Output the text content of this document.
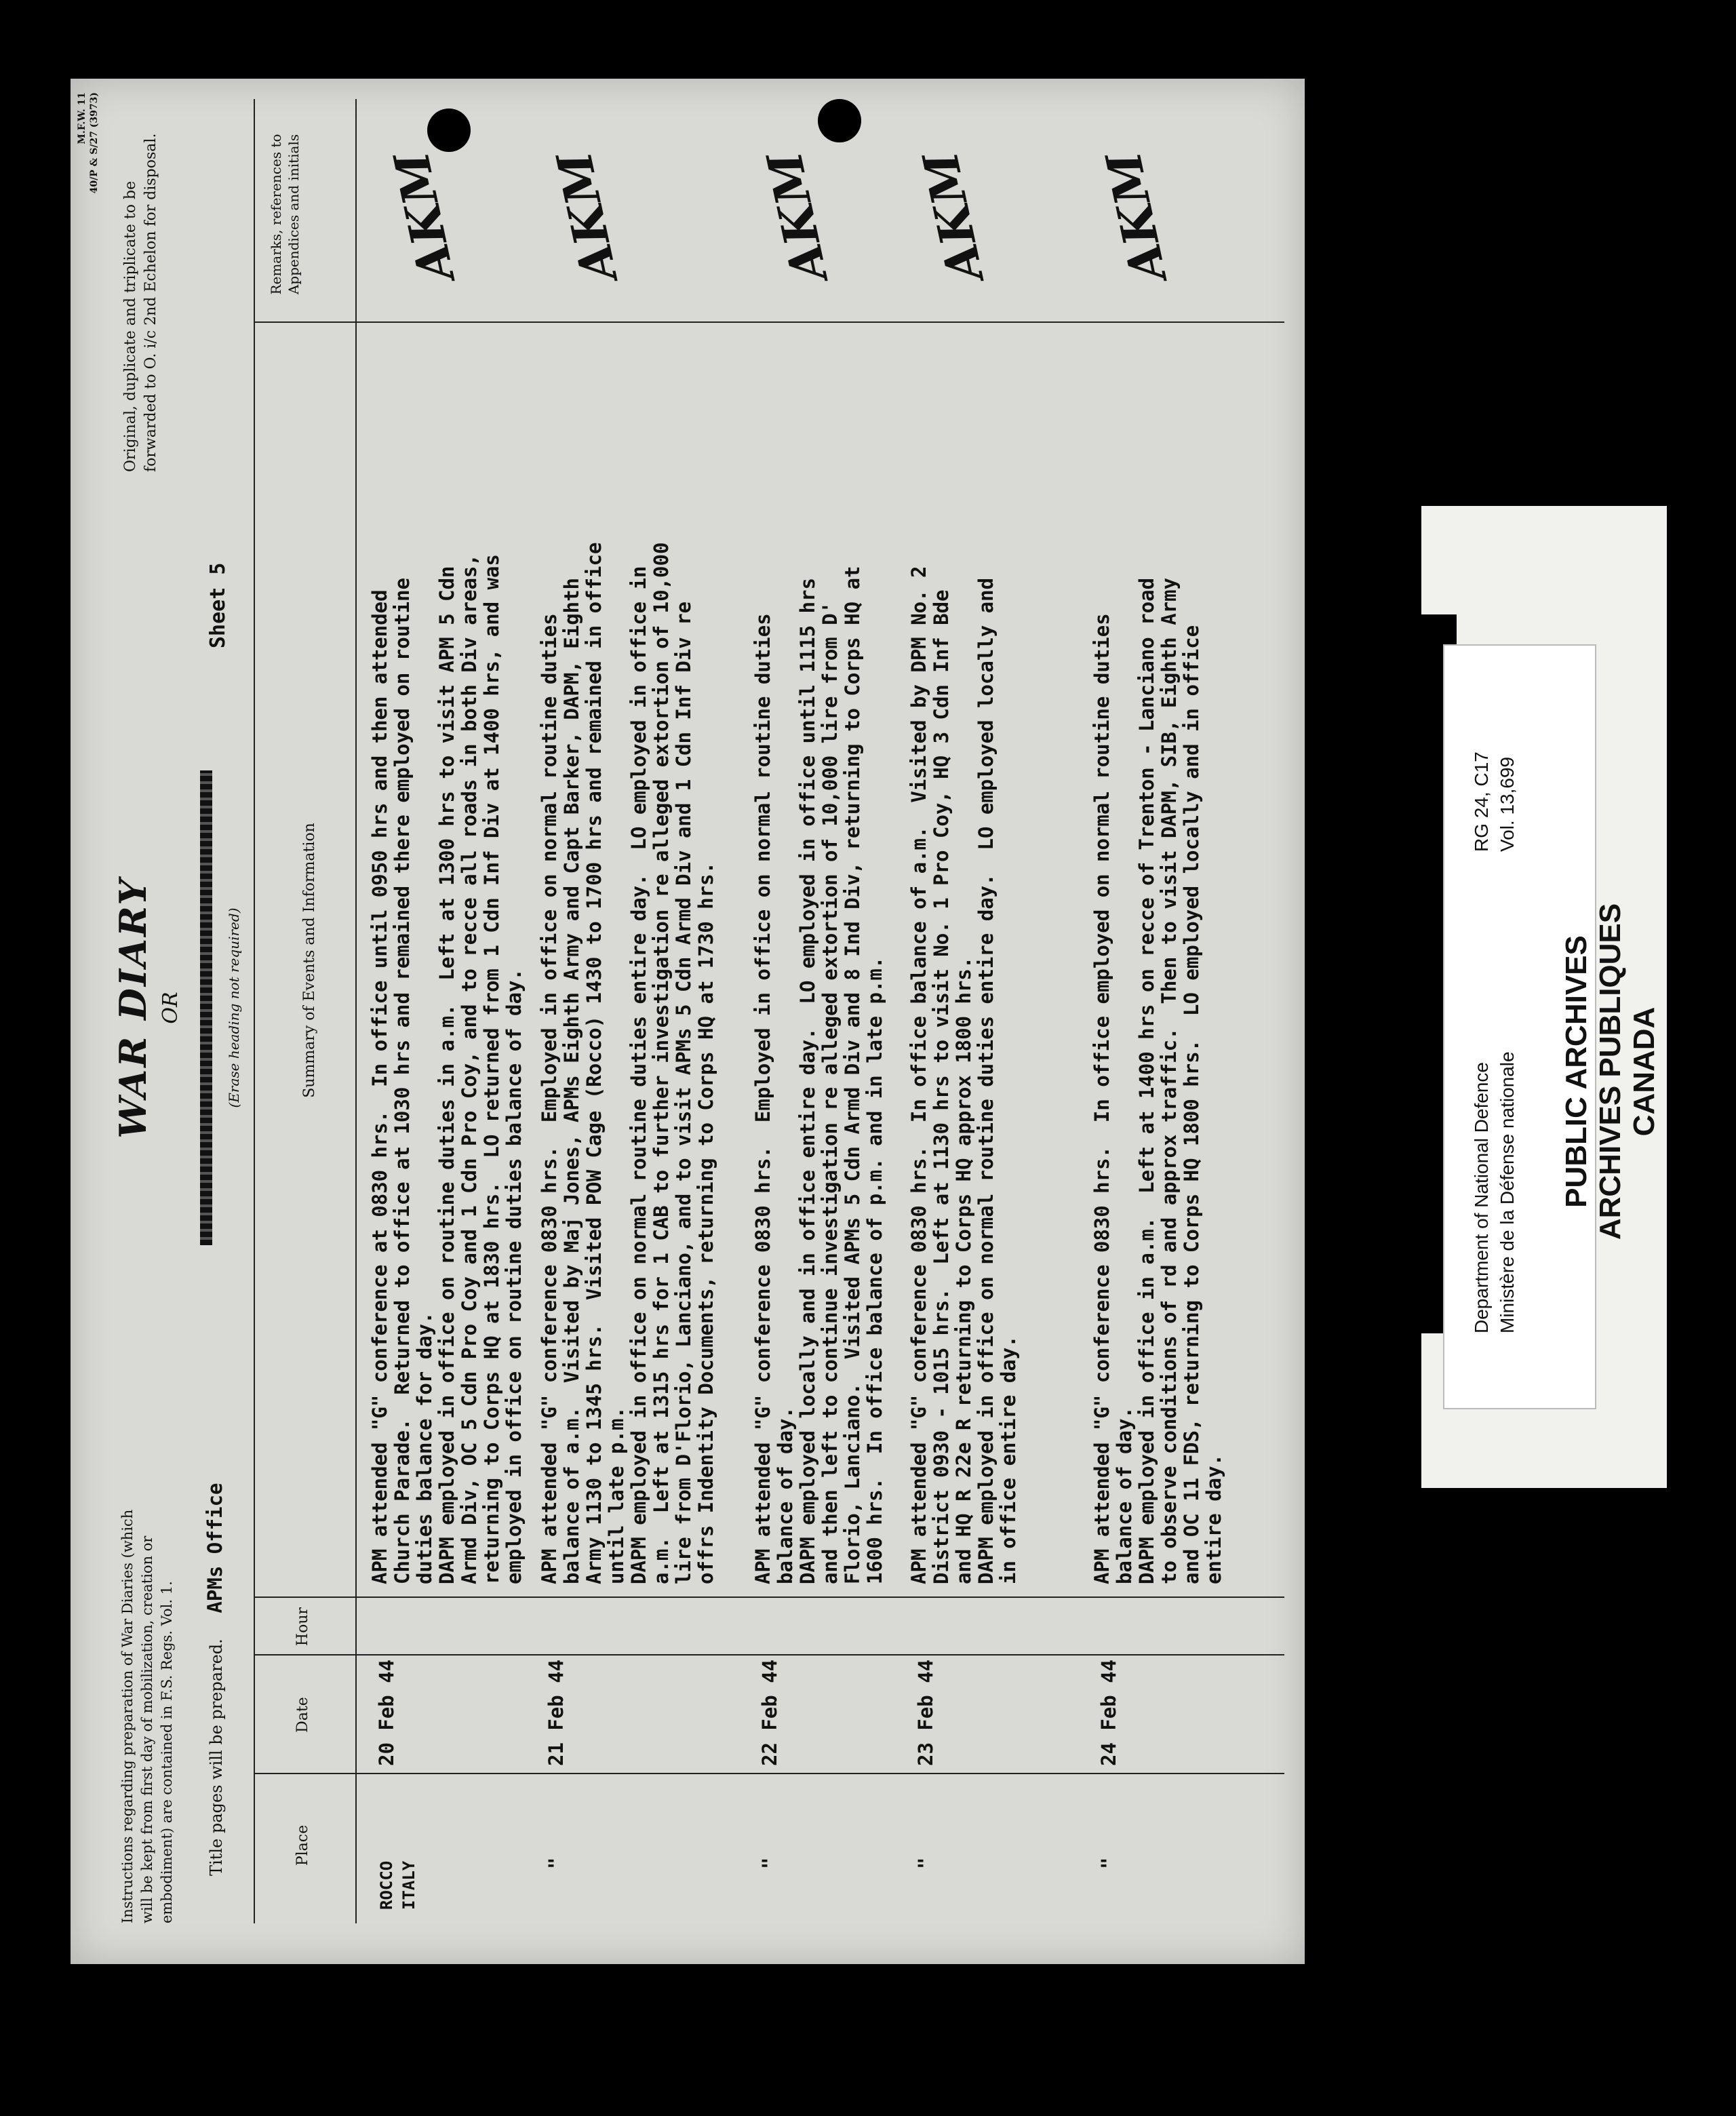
Instructions regarding preparation of War Diaries (which will be kept from first day of mobilization, creation or embodiment) are contained in F.S. Regs. Vol. 1. Title pages will be prepared. APMs Office
WAR DIARY OR	(Erase heading not required)
Sheet 5
Original, duplicate and triplicate to be forwarded to O. i/c 2nd Echelon for disposal.
M.F.W. 11
40/P & S/27 (3973)
Place
Date
Hour
Summary of Events and Information
Remarks, references to Appendices and initials
ROCCO
ITALY
20 Feb 44
APM attended "G" conference at 0830 hrs.  In office until 0950 hrs and then attended
Church Parade.  Returned to office at 1030 hrs and remained there employed on routine
duties balance for day.
DAPM employed in office on routine duties in a.m.  Left at 1300 hrs to visit APM 5 Cdn
Armd Div, OC 5 Cdn Pro Coy and 1 Cdn Pro Coy, and to recce all roads in both Div areas,
returning to Corps HQ at 1830 hrs.  LO returned from 1 Cdn Inf Div at 1400 hrs, and was
employed in office on routine duties balance of day.
AKM
"
21 Feb 44
APM attended "G" conference 0830 hrs.  Employed in office on normal routine duties
balance of a.m.  Visited by Maj Jones, APMs Eighth Army and Capt Barker, DAPM, Eighth
Army 1130 to 1345 hrs.  Visited POW Cage (Rocco) 1430 to 1700 hrs and remained in office
until late p.m.
DAPM employed in office on normal routine duties entire day.  LO employed in office in
a.m.  Left at 1315 hrs for 1 CAB to further investigation re alleged extortion of 10,000
lire from D'Florio, Lanciano, and to visit APMs 5 Cdn Armd Div and 1 Cdn Inf Div re
offrs Indentity Documents, returning to Corps HQ at 1730 hrs.
AKM
"
22 Feb 44
APM attended "G" conference 0830 hrs.  Employed in office on normal routine duties
balance of day.
DAPM employed locally and in office entire day.  LO employed in office until 1115 hrs
and then left to continue investigation re alleged extortion of 10,000 lire from D'
Florio, Lanciano.  Visited APMs 5 Cdn Armd Div and 8 Ind Div, returning to Corps HQ at
1600 hrs.  In office balance of p.m. and in late p.m.
AKM
"
23 Feb 44
APM attended "G" conference 0830 hrs.  In office balance of a.m.  Visited by DPM No. 2
District 0930 - 1015 hrs.  Left at 1130 hrs to visit No. 1 Pro Coy, HQ 3 Cdn Inf Bde
and HQ R 22e R returning to Corps HQ approx 1800 hrs.
DAPM employed in office on normal routine duties entire day.  LO employed locally and
in office entire day.
AKM
"
24 Feb 44
APM attended "G" conference 0830 hrs.  In office employed on normal routine duties
balance of day.
DAPM employed in office in a.m.  Left at 1400 hrs on recce of Trenton - Lanciano road
to observe conditions of rd and approx traffic.  Then to visit DAPM, SIB, Eighth Army
and OC 11 FDS, returning to Corps HQ 1800 hrs.  LO employed locally and in office
entire day.
AKM
Department of National Defence
Ministère de la Défense nationale
RG 24, C17
Vol. 13,699
PUBLIC ARCHIVES
ARCHIVES PUBLIQUES
CANADA
